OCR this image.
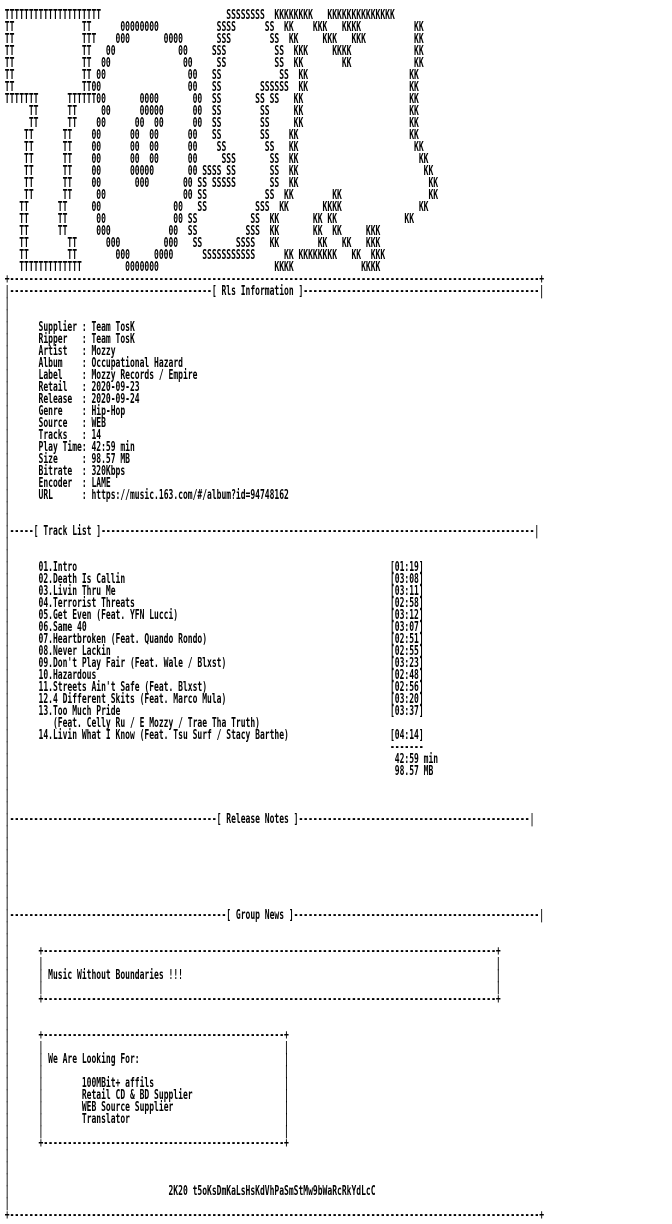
TTTTTTTTTTTTTTTTTTTT                          SSSSSSSS  KKKKKKKK   KKKKKKKKKKKKKK
TT              TT      00000000            SSSS      SS  KK    KKK   KKKK           KK
TT              TTT    000       0000       SSS        SS  KK     KKK   KKK          KK
TT              TT   00             00     SSS          SS  KKK     KKKK             KK
TT              TT  00               00     SS          SS  KK        KK             KK
TT              TT 00                 00   SS            SS  KK                     KK
TT              TT00                  00   SS        SSSSSS  KK                     KK
TTTTTTT      TTTTTT00       0000       00  SS       SS SS   KK                      KK
TT      TT     00      00000      00  SS        SS     KK                      KK
TT      TT    00      00  00      00  SS        SS     KK                      KK
TT      TT    00      00  00      00   SS        SS    KK                       KK
TT      TT    00      00  00      00    SS        SS   KK                        KK
TT      TT    00      00  00      00     SSS       SS  KK                         KK
TT      TT    00      00000       00 SSSS SS       SS  KK                          KK
TT      TT    00       000       00 SS SSSSS       SS  KK                           KK
TT      TT     00                00 SS            SS  KK        KK                  KK
TT      TT     00               00   SS          SSS  KK       KKKK                KK
TT      TT      00              00 SS           SS  KK       KK KK              KK
TT      TT      000            00  SS          SSS  KK       KK  KK     KKK
TT        TT      000         000   SS       SSSS   KK        KK   KK   KKK
TT        TT        000     0000      SSSSSSSSSSS      KK KKKKKKKK   KK  KKK
TTTTTTTTTTTTT         0000000                        KKKK              KKKK
+--------------------------------------------------------------------------------------------------------------+
|------------------------------------------[ Rls Information ]-------------------------------------------------|
|
|
|      Supplier : Team TosK
|      Ripper   : Team TosK
|      Artist   : Mozzy
|      Album    : Occupational Hazard
|      Label    : Mozzy Records / Empire
|      Retail   : 2020-09-23
|      Release  : 2020-09-24
|      Genre    : Hip-Hop
|      Source   : WEB
|      Tracks   : 14
|      Play Time: 42:59 min
|      Size     : 98.57 MB
|      Bitrate  : 320Kbps
|      Encoder  : LAME
|      URL      : https://music.163.com/#/album?id=94748162
|
|
|-----[ Track List ]------------------------------------------------------------------------------------------|
|
|
|      01.Intro	[01:19]
|      02.Death Is Callin	[03:08]
|      03.Livin Thru Me	[03:11]
|      04.Terrorist Threats	[02:58]
|      05.Get Even (Feat. YFN Lucci)	[03:12]
|      06.Same 40	[03:07]
|      07.Heartbroken (Feat. Quando Rondo)	[02:51]
|      08.Never Lackin	[02:55]
|      09.Don't Play Fair (Feat. Wale / Blxst)	[03:23]
|      10.Hazardous	[02:48]
|      11.Streets Ain't Safe (Feat. Blxst)	[02:56]
|      12.4 Different Skits (Feat. Marco Mula)	[03:20]
|      13.Too Much Pride	[03:37]
|         (Feat. Celly Ru / E Mozzy / Trae Tha Truth)
|      14.Livin What I Know (Feat. Tsu Surf / Stacy Barthe)	[04:14]
|                                                                               -------
|                                                                                42:59 min
|                                                                                98.57 MB
|
|
|
|-------------------------------------------[ Release Notes ]------------------------------------------------|
|
|
|
|
|
|
|
|---------------------------------------------[ Group News ]---------------------------------------------------|
|
|
|      +----------------------------------------------------------------------------------------------+
|      |	|
|      | Music Without Boundaries !!!	|
|      |	|
|      +----------------------------------------------------------------------------------------------+
|
|
|      +--------------------------------------------------+
|      |	|
|      | We Are Looking For:	|
|      |	|
|      |	100MBit+ affils	|
|      |	Retail CD & BD Supplier	|
|      |	WEB Source Supplier	|
|      |	Translator	|
|      |	|
|      +--------------------------------------------------+
|
|
|
|                                 2K20 t5oKsDmKaLsHsKdVhPaSmStMw9bWaRcRkYdLcC
|
+--------------------------------------------------------------------------------------------------------------+
